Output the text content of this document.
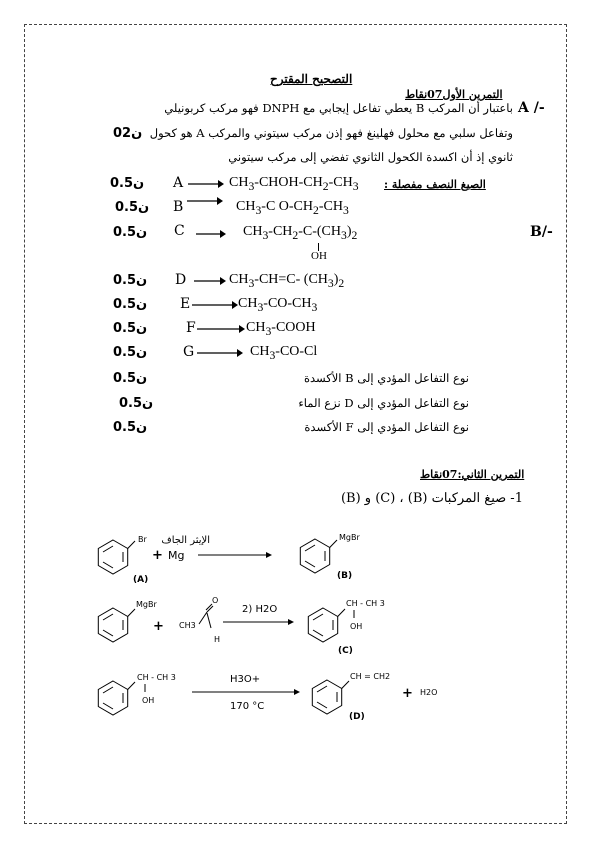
التصحيح المقترح
التمرين الأول07نقاط
A /-
باعتبار أن المركب B يعطي تفاعل إيجابي مع DNPH فهو مركب كربونيلي
وتفاعل سلبي مع محلول فهلينغ فهو إذن مركب سيتوني والمركب A هو كحول
ثانوي إذ أن اكسدة الكحول الثانوي تفضي إلى مركب سيتوني
02ن
الصيغ النصف مفصلة :
B/-
0.5ن A	$CH_3-CHOH-CH_2-CH_3$
0.5ن B	$CH_3-C$ $O-CH_2-CH_3$
0.5ن C	$CH_3-CH_2-C-(CH_3)_2$
OH
0.5ن D	$CH_3-CH=C-$ $(CH_3)_2$
0.5ن E	$CH_3-CO-CH_3$
0.5ن	F	$CH_3$-COOH
0.5ن	G	$CH_3-CO-Cl$
0.5ن	نوع التفاعل المؤدي إلى B الأكسدة
0.5ن	نوع التفاعل المؤدي إلى D نزع الماء
0.5ن	نوع التفاعل المؤدي إلى F الأكسدة
التمرين الثاني:07نقاط
1- صيغ المركبات (B) ، (C) و (B)
Br
+ Mg
(A)
الإيثر الجاف	MgBr
(B)
MgBr
+ CH3
O
H
2) H2O
CH - CH 3
OH
(C)
CH - CH 3
OH
H3O+
170 °C
CH = CH2
+ H2O
(D)
